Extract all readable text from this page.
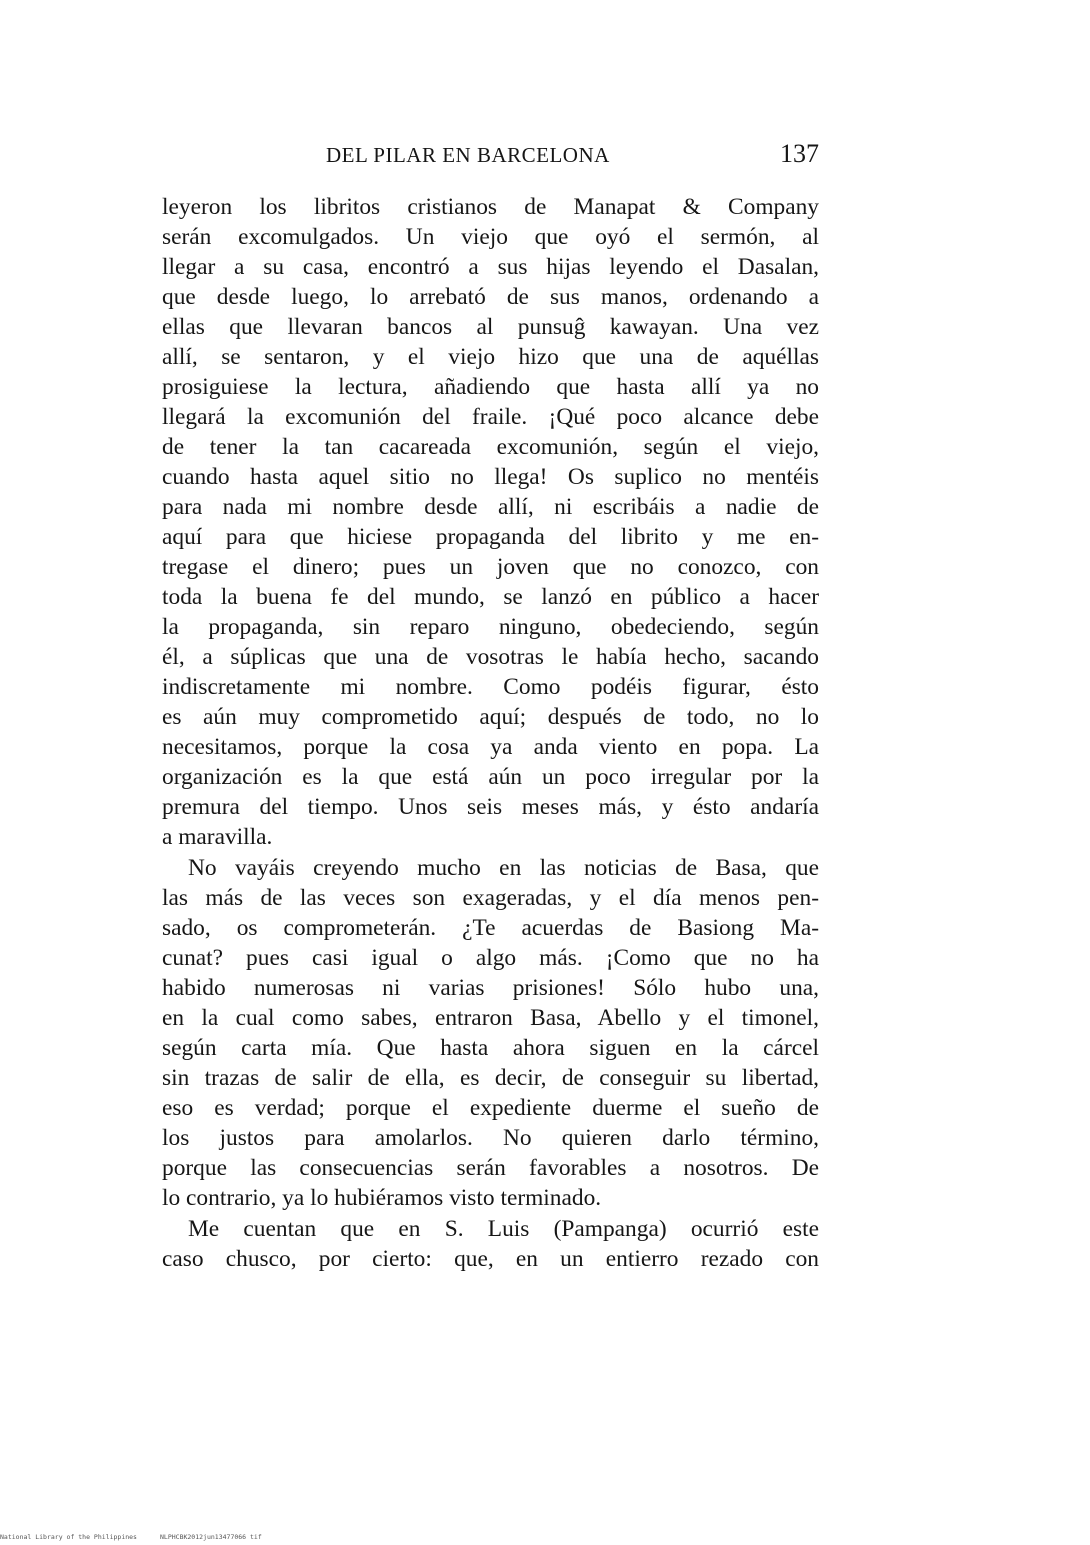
DEL PILAR EN BARCELONA	137
leyeron los libritos cristianos de Manapat & Company
serán excomulgados. Un viejo que oyó el sermón, al
llegar a su casa, encontró a sus hijas leyendo el Dasalan,
que desde luego, lo arrebató de sus manos, ordenando a
ellas que llevaran bancos al punsuĝ kawayan. Una vez
allí, se sentaron, y el viejo hizo que una de aquéllas
prosiguiese la lectura, añadiendo que hasta allí ya no
llegará la excomunión del fraile. ¡Qué poco alcance debe
de tener la tan cacareada excomunión, según el viejo,
cuando hasta aquel sitio no llega! Os suplico no mentéis
para nada mi nombre desde allí, ni escribáis a nadie de
aquí para que hiciese propaganda del librito y me en-
tregase el dinero; pues un joven que no conozco, con
toda la buena fe del mundo, se lanzó en público a hacer
la propaganda, sin reparo ninguno, obedeciendo, según
él, a súplicas que una de vosotras le había hecho, sacando
indiscretamente mi nombre. Como podéis figurar, ésto
es aún muy comprometido aquí; después de todo, no lo
necesitamos, porque la cosa ya anda viento en popa. La
organización es la que está aún un poco irregular por la
premura del tiempo. Unos seis meses más, y ésto andaría
a maravilla.
No vayáis creyendo mucho en las noticias de Basa, que
las más de las veces son exageradas, y el día menos pen-
sado, os comprometerán. ¿Te acuerdas de Basiong Ma-
cunat? pues casi igual o algo más. ¡Como que no ha
habido numerosas ni varias prisiones! Sólo hubo una,
en la cual como sabes, entraron Basa, Abello y el timonel,
según carta mía. Que hasta ahora siguen en la cárcel
sin trazas de salir de ella, es decir, de conseguir su libertad,
eso es verdad; porque el expediente duerme el sueño de
los justos para amolarlos. No quieren darlo término,
porque las consecuencias serán favorables a nosotros. De
lo contrario, ya lo hubiéramos visto terminado.
Me cuentan que en S. Luis (Pampanga) ocurrió este
caso chusco, por cierto: que, en un entierro rezado con
National Library of the Philippines	NLPHCBK2012jun13477066 tif
